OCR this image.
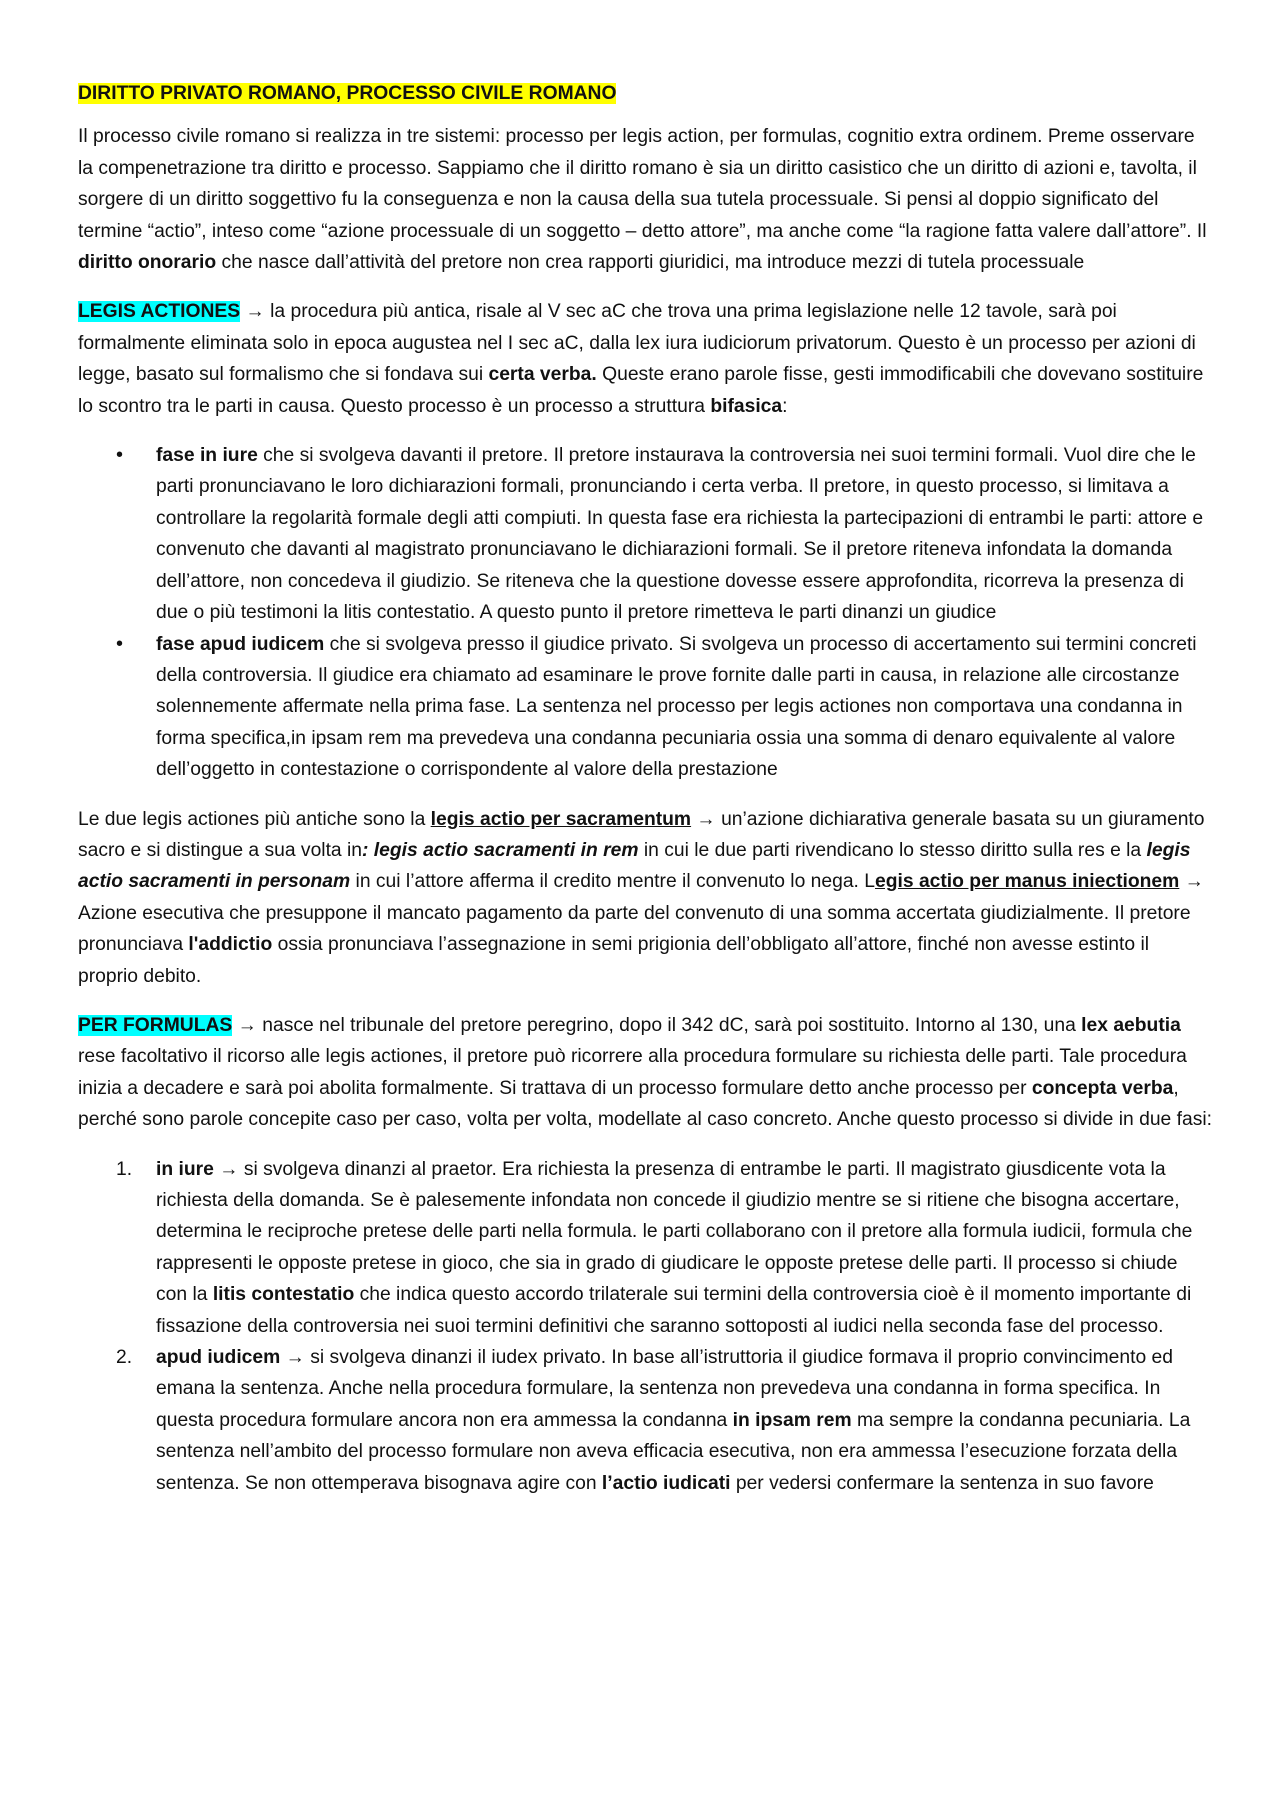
DIRITTO PRIVATO ROMANO, PROCESSO CIVILE ROMANO

Il processo civile romano si realizza in tre sistemi: processo per legis action, per formulas, cognitio extra ordinem. Preme osservare la compenetrazione tra diritto e processo. Sappiamo che il diritto romano è sia un diritto casistico che un diritto di azioni e, tavolta, il sorgere di un diritto soggettivo fu la conseguenza e non la causa della sua tutela processuale. Si pensi al doppio significato del termine “actio”, inteso come “azione processuale di un soggetto – detto attore”, ma anche come “la ragione fatta valere dall’attore”. Il diritto onorario che nasce dall’attività del pretore non crea rapporti giuridici, ma introduce mezzi di tutela processuale

LEGIS ACTIONES → la procedura più antica, risale al V sec aC che trova una prima legislazione nelle 12 tavole, sarà poi formalmente eliminata solo in epoca augustea nel I sec aC, dalla lex iura iudiciorum privatorum. Questo è un processo per azioni di legge, basato sul formalismo che si fondava sui certa verba. Queste erano parole fisse, gesti immodificabili che dovevano sostituire lo scontro tra le parti in causa. Questo processo è un processo a struttura bifasica:

• fase in iure che si svolgeva davanti il pretore. Il pretore instaurava la controversia nei suoi termini formali. Vuol dire che le parti pronunciavano le loro dichiarazioni formali, pronunciando i certa verba. Il pretore, in questo processo, si limitava a controllare la regolarità formale degli atti compiuti. In questa fase era richiesta la partecipazioni di entrambi le parti: attore e convenuto che davanti al magistrato pronunciavano le dichiarazioni formali. Se il pretore riteneva infondata la domanda dell’attore, non concedeva il giudizio. Se riteneva che la questione dovesse essere approfondita, ricorreva la presenza di due o più testimoni la litis contestatio. A questo punto il pretore rimetteva le parti dinanzi un giudice
• fase apud iudicem che si svolgeva presso il giudice privato. Si svolgeva un processo di accertamento sui termini concreti della controversia. Il giudice era chiamato ad esaminare le prove fornite dalle parti in causa, in relazione alle circostanze solennemente affermate nella prima fase. La sentenza nel processo per legis actiones non comportava una condanna in forma specifica,in ipsam rem ma prevedeva una condanna pecuniaria ossia una somma di denaro equivalente al valore dell’oggetto in contestazione o corrispondente al valore della prestazione

Le due legis actiones più antiche sono la legis actio per sacramentum → un’azione dichiarativa generale basata su un giuramento sacro e si distingue a sua volta in: legis actio sacramenti in rem in cui le due parti rivendicano lo stesso diritto sulla res e la legis actio sacramenti in personam in cui l’attore afferma il credito mentre il convenuto lo nega. Legis actio per manus iniectionem → Azione esecutiva che presuppone il mancato pagamento da parte del convenuto di una somma accertata giudizialmente. Il pretore pronunciava l'addictio ossia pronunciava l’assegnazione in semi prigionia dell’obbligato all’attore, finché non avesse estinto il proprio debito.

PER FORMULAS → nasce nel tribunale del pretore peregrino, dopo il 342 dC, sarà poi sostituito. Intorno al 130, una lex aebutia rese facoltativo il ricorso alle legis actiones, il pretore può ricorrere alla procedura formulare su richiesta delle parti. Tale procedura inizia a decadere e sarà poi abolita formalmente. Si trattava di un processo formulare detto anche processo per concepta verba, perché sono parole concepite caso per caso, volta per volta, modellate al caso concreto. Anche questo processo si divide in due fasi:

1. in iure → si svolgeva dinanzi al praetor. Era richiesta la presenza di entrambe le parti. Il magistrato giusdicente vota la richiesta della domanda. Se è palesemente infondata non concede il giudizio mentre se si ritiene che bisogna accertare, determina le reciproche pretese delle parti nella formula. le parti collaborano con il pretore alla formula iudicii, formula che rappresenti le opposte pretese in gioco, che sia in grado di giudicare le opposte pretese delle parti. Il processo si chiude con la litis contestatio che indica questo accordo trilaterale sui termini della controversia cioè è il momento importante di fissazione della controversia nei suoi termini definitivi che saranno sottoposti al iudici nella seconda fase del processo.
2. apud iudicem → si svolgeva dinanzi il iudex privato. In base all’istruttoria il giudice formava il proprio convincimento ed emana la sentenza. Anche nella procedura formulare, la sentenza non prevedeva una condanna in forma specifica. In questa procedura formulare ancora non era ammessa la condanna in ipsam rem ma sempre la condanna pecuniaria. La sentenza nell’ambito del processo formulare non aveva efficacia esecutiva, non era ammessa l’esecuzione forzata della sentenza. Se non ottemperava bisognava agire con l’actio iudicati per vedersi confermare la sentenza in suo favore
